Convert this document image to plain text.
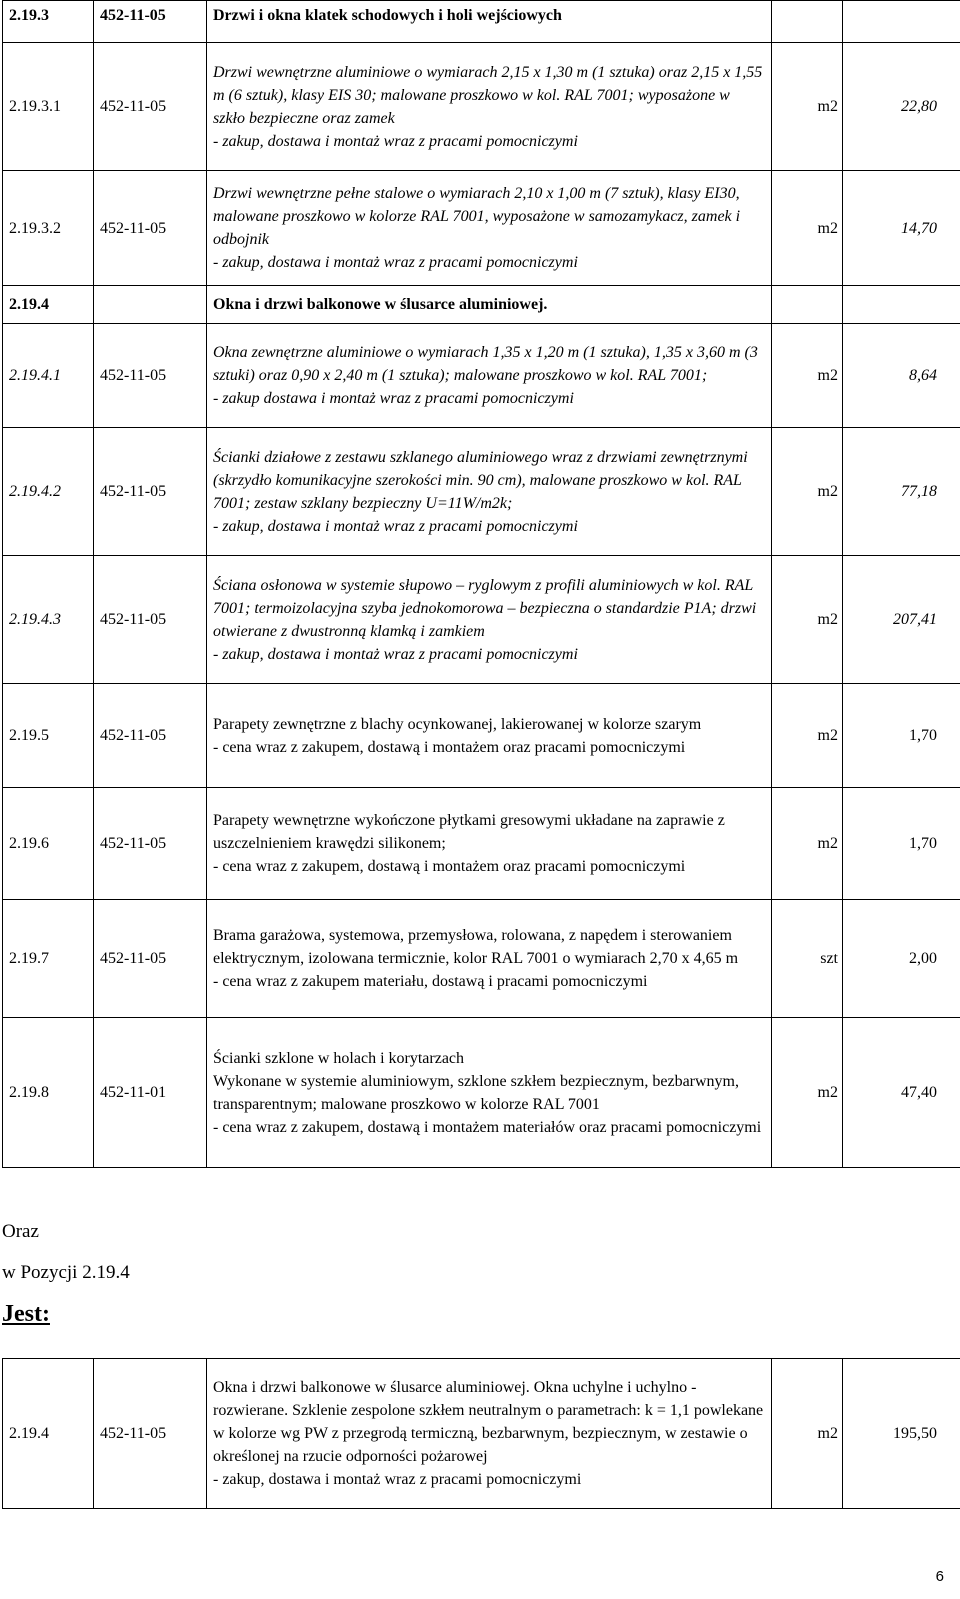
2.19.3	452-11-05	Drzwi i okna klatek schodowych i holi wejściowych		
2.19.3.1	452-11-05	Drzwi wewnętrzne aluminiowe o wymiarach 2,15 x 1,30 m (1 sztuka) oraz 2,15 x 1,55 m (6 sztuk), klasy EIS 30; malowane proszkowo w kol. RAL 7001; wyposażone w szkło bezpieczne oraz zamek
- zakup, dostawa i montaż wraz z pracami pomocniczymi	m2	22,80
2.19.3.2	452-11-05	Drzwi wewnętrzne pełne stalowe o wymiarach 2,10 x 1,00 m (7 sztuk), klasy EI30, malowane proszkowo w kolorze RAL 7001, wyposażone w samozamykacz, zamek i odbojnik
- zakup, dostawa i montaż wraz z pracami pomocniczymi	m2	14,70
2.19.4		Okna i drzwi balkonowe w ślusarce aluminiowej.		
2.19.4.1	452-11-05	Okna zewnętrzne aluminiowe o wymiarach 1,35 x 1,20 m (1 sztuka), 1,35 x 3,60 m (3 sztuki) oraz 0,90 x 2,40 m (1 sztuka); malowane proszkowo w kol. RAL 7001;
- zakup dostawa i montaż wraz z pracami pomocniczymi	m2	8,64
2.19.4.2	452-11-05	Ścianki działowe z zestawu szklanego aluminiowego wraz z drzwiami zewnętrznymi (skrzydło komunikacyjne szerokości min. 90 cm), malowane proszkowo w kol. RAL 7001; zestaw szklany bezpieczny U=11W/m2k;
- zakup, dostawa i montaż wraz z pracami pomocniczymi	m2	77,18
2.19.4.3	452-11-05	Ściana osłonowa w systemie słupowo – ryglowym z profili aluminiowych w kol. RAL 7001; termoizolacyjna szyba jednokomorowa – bezpieczna o standardzie P1A; drzwi otwierane z dwustronną klamką i zamkiem
- zakup, dostawa i montaż wraz z pracami pomocniczymi	m2	207,41
2.19.5	452-11-05	Parapety zewnętrzne z blachy ocynkowanej, lakierowanej w kolorze szarym
- cena wraz z zakupem, dostawą i montażem oraz pracami pomocniczymi	m2	1,70
2.19.6	452-11-05	Parapety wewnętrzne wykończone płytkami gresowymi układane na zaprawie z uszczelnieniem krawędzi silikonem;
- cena wraz z zakupem, dostawą i montażem oraz pracami pomocniczymi	m2	1,70
2.19.7	452-11-05	Brama garażowa, systemowa, przemysłowa, rolowana, z napędem i sterowaniem elektrycznym, izolowana termicznie, kolor RAL 7001 o wymiarach 2,70 x 4,65 m
- cena wraz z zakupem materiału, dostawą i pracami pomocniczymi	szt	2,00
2.19.8	452-11-01	Ścianki szklone w holach i korytarzach
Wykonane w systemie aluminiowym, szklone szkłem bezpiecznym, bezbarwnym,
transparentnym; malowane proszkowo w kolorze RAL 7001
- cena wraz z zakupem, dostawą i montażem materiałów oraz pracami pomocniczymi	m2	47,40
Oraz
w Pozycji 2.19.4
Jest:
2.19.4	452-11-05	
Okna i drzwi balkonowe w ślusarce aluminiowej. Okna uchylne i uchylno - rozwierane. Szklenie zespolone szkłem neutralnym o parametrach: k = 1,1 powlekane w kolorze wg PW z przegrodą termiczną, bezbarwnym, bezpiecznym, w zestawie o określonej na rzucie odporności pożarowej
- zakup, dostawa i montaż wraz z pracami pomocniczymi
	m2	195,50
6
